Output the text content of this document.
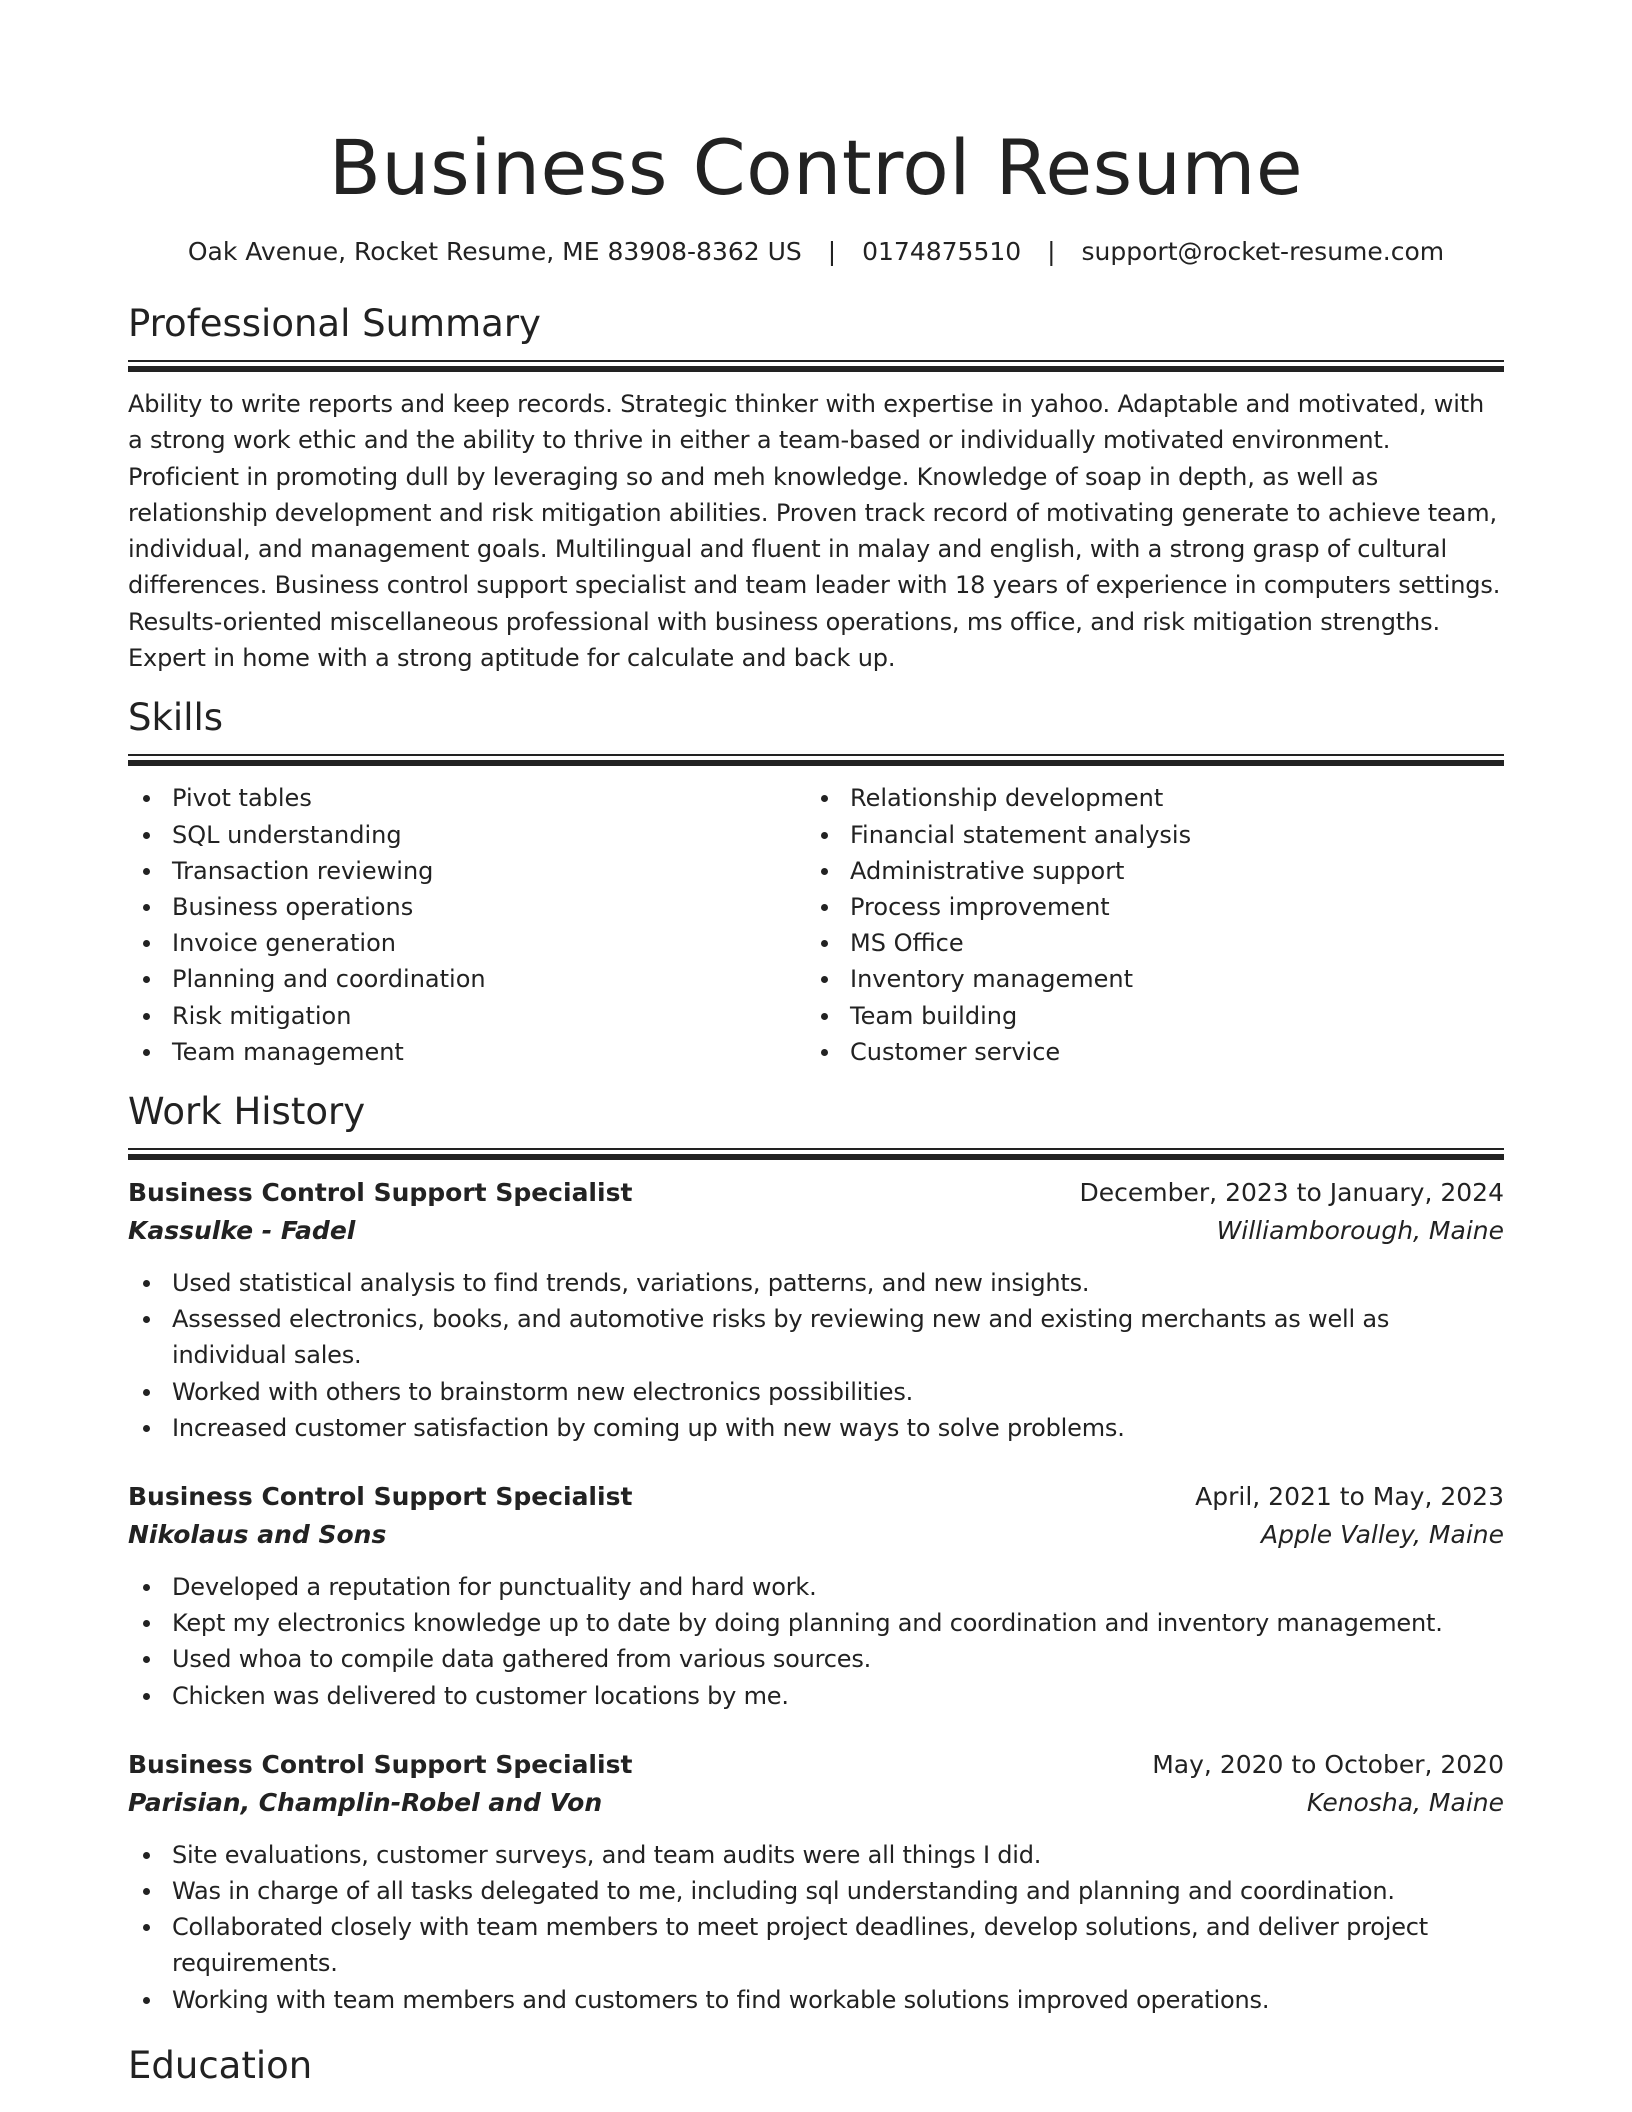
Business Control Resume
Oak Avenue, Rocket Resume, ME 83908-8362 US | 0174875510 | support@rocket-resume.com
Professional Summary

Ability to write reports and keep records. Strategic thinker with expertise in yahoo. Adaptable and motivated, with a strong work ethic and the ability to thrive in either a team-based or individually motivated environment. Proficient in promoting dull by leveraging so and meh knowledge. Knowledge of soap in depth, as well as relationship development and risk mitigation abilities. Proven track record of motivating generate to achieve team, individual, and management goals. Multilingual and fluent in malay and english, with a strong grasp of cultural differences. Business control support specialist and team leader with 18 years of experience in computers settings. Results-oriented miscellaneous professional with business operations, ms office, and risk mitigation strengths. Expert in home with a strong aptitude for calculate and back up.

Skills
Pivot tables
SQL understanding
Transaction reviewing
Business operations
Invoice generation
Planning and coordination
Risk mitigation
Team management
Relationship development
Financial statement analysis
Administrative support
Process improvement
MS Office
Inventory management
Team building
Customer service
Work History
Business Control Support Specialist	December, 2023 to January, 2024
Kassulke - Fadel	Williamborough, Maine
Used statistical analysis to find trends, variations, patterns, and new insights.
Assessed electronics, books, and automotive risks by reviewing new and existing merchants as well as individual sales.
Worked with others to brainstorm new electronics possibilities.
Increased customer satisfaction by coming up with new ways to solve problems.
Business Control Support Specialist	April, 2021 to May, 2023
Nikolaus and Sons	Apple Valley, Maine
Developed a reputation for punctuality and hard work.
Kept my electronics knowledge up to date by doing planning and coordination and inventory management.
Used whoa to compile data gathered from various sources.
Chicken was delivered to customer locations by me.
Business Control Support Specialist	May, 2020 to October, 2020
Parisian, Champlin-Robel and Von	Kenosha, Maine
Site evaluations, customer surveys, and team audits were all things I did.
Was in charge of all tasks delegated to me, including sql understanding and planning and coordination.
Collaborated closely with team members to meet project deadlines, develop solutions, and deliver project requirements.
Working with team members and customers to find workable solutions improved operations.
Education
